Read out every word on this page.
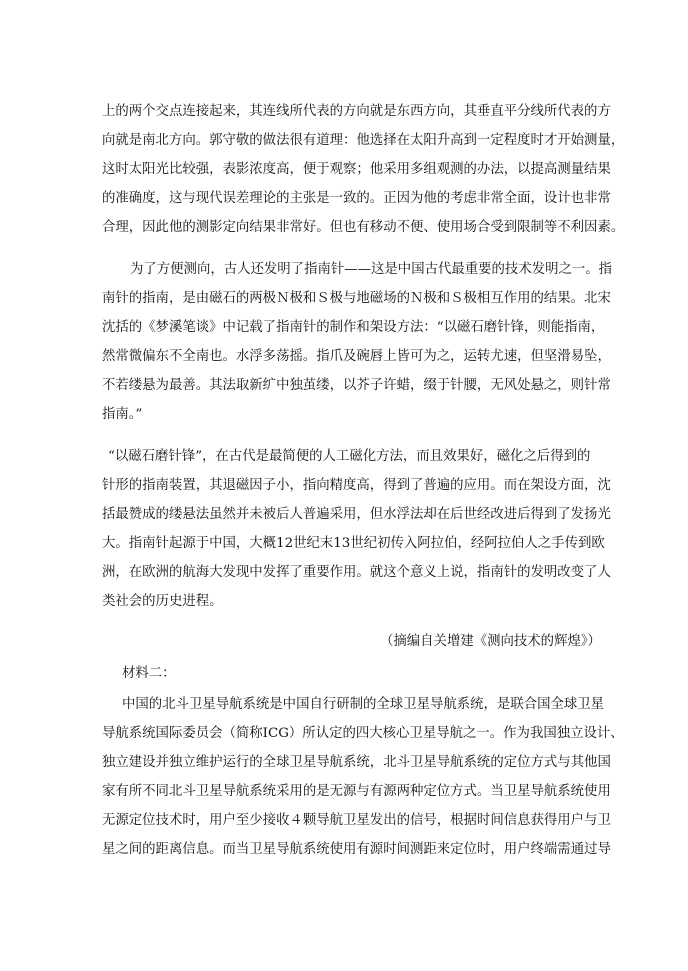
上的两个交点连接起来，其连线所代表的方向就是东西方向，其垂直平分线所代表的方
向就是南北方向。郭守敬的做法很有道理：他选择在太阳升高到一定程度时才开始测量，
这时太阳光比较强，表影浓度高，便于观察；他采用多组观测的办法，以提高测量结果
的准确度，这与现代误差理论的主张是一致的。正因为他的考虑非常全面，设计也非常
合理，因此他的测影定向结果非常好。但也有移动不便、使用场合受到限制等不利因素。
为了方便测向，古人还发明了指南针——这是中国古代最重要的技术发明之一。指
南针的指南，是由磁石的两极Ｎ极和Ｓ极与地磁场的Ｎ极和Ｓ极相互作用的结果。北宋
沈括的《梦溪笔谈》中记载了指南针的制作和架设方法：“以磁石磨针锋，则能指南，
然常微偏东不全南也。水浮多荡摇。指爪及碗唇上皆可为之，运转尤速，但坚滑易坠，
不若缕悬为最善。其法取新纩中独茧缕，以芥子许蜡，缀于针腰，无风处悬之，则针常
指南。”
“以磁石磨针锋”，在古代是最简便的人工磁化方法，而且效果好，磁化之后得到的
针形的指南装置，其退磁因子小，指向精度高，得到了普遍的应用。而在架设方面，沈
括最赞成的缕悬法虽然并未被后人普遍采用，但水浮法却在后世经改进后得到了发扬光
大。指南针起源于中国，大概12世纪末13世纪初传入阿拉伯，经阿拉伯人之手传到欧
洲，在欧洲的航海大发现中发挥了重要作用。就这个意义上说，指南针的发明改变了人
类社会的历史进程。
（摘编自关增建《测向技术的辉煌》）
材料二：
中国的北斗卫星导航系统是中国自行研制的全球卫星导航系统，是联合国全球卫星
导航系统国际委员会（简称ICG）所认定的四大核心卫星导航之一。作为我国独立设计、
独立建设并独立维护运行的全球卫星导航系统，北斗卫星导航系统的定位方式与其他国
家有所不同北斗卫星导航系统采用的是无源与有源两种定位方式。当卫星导航系统使用
无源定位技术时，用户至少接收４颗导航卫星发出的信号，根据时间信息获得用户与卫
星之间的距离信息。而当卫星导航系统使用有源时间测距来定位时，用户终端需通过导
